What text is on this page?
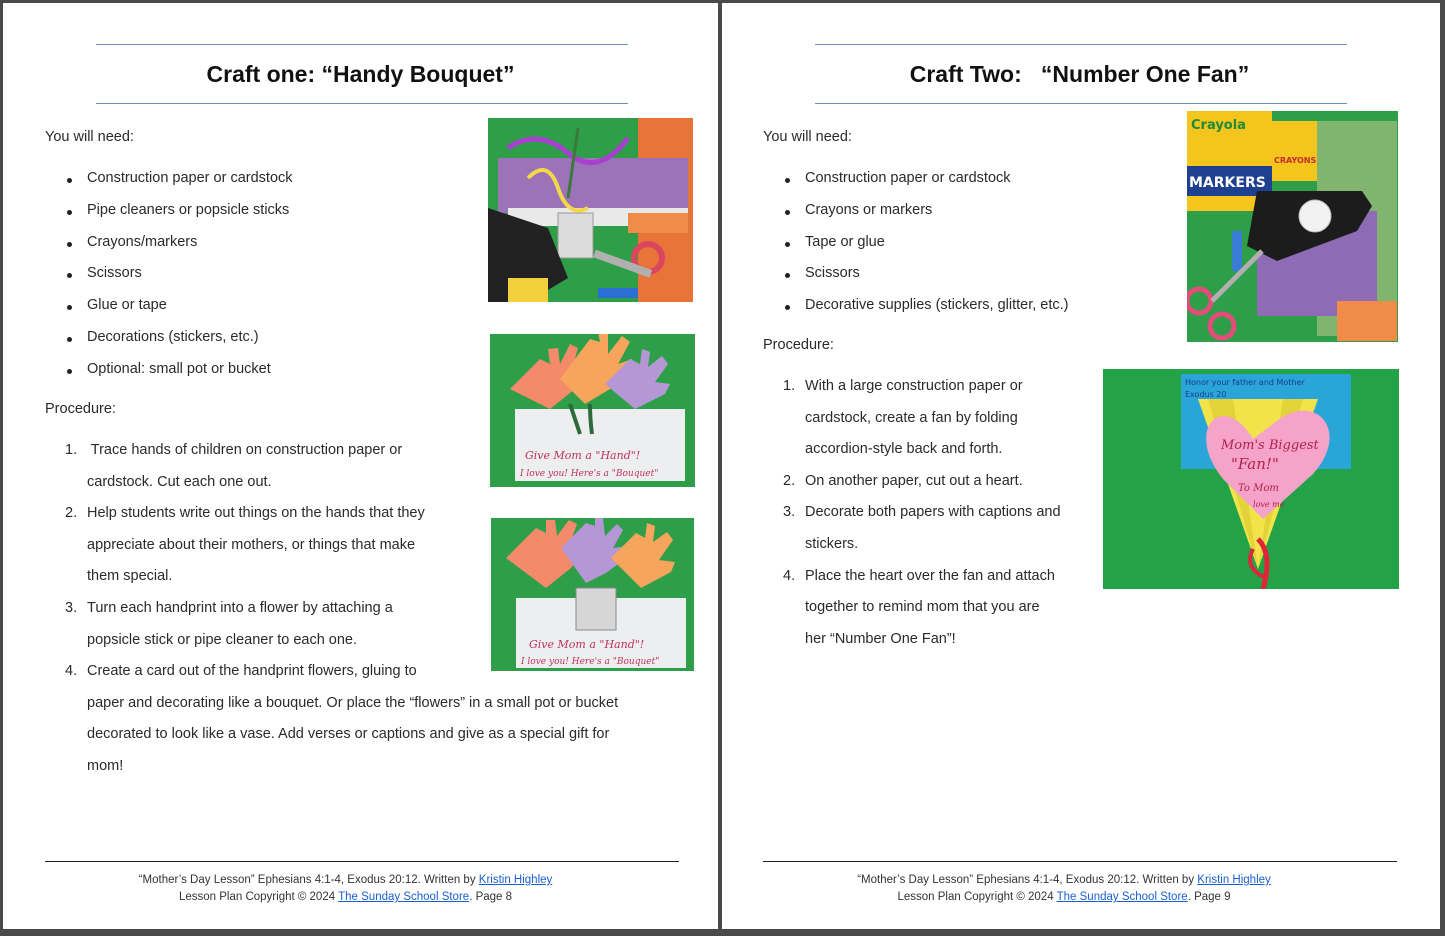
Craft one: “Handy Bouquet”
You will need:
Construction paper or cardstock
Pipe cleaners or popsicle sticks
Crayons/markers
Scissors
Glue or tape
Decorations (stickers, etc.)
Optional: small pot or bucket
Procedure:
1. Trace hands of children on construction paper or
cardstock. Cut each one out.
2. Help students write out things on the hands that they
appreciate about their mothers, or things that make
them special.
3. Turn each handprint into a flower by attaching a
popsicle stick or pipe cleaner to each one.
4. Create a card out of the handprint flowers, gluing to
paper and decorating like a bouquet. Or place the “flowers” in a small pot or bucket
decorated to look like a vase. Add verses or captions and give as a special gift for
mom!
Give Mom a "Hand"!
I love you! Here's a "Bouquet"
Give Mom a "Hand"!
I love you! Here's a "Bouquet"
“Mother’s Day Lesson” Ephesians 4:1-4, Exodus 20:12. Written by Kristin Highley
Lesson Plan Copyright © 2024 The Sunday School Store. Page 8
Craft Two:   “Number One Fan”
You will need:
Construction paper or cardstock
Crayons or markers
Tape or glue
Scissors
Decorative supplies (stickers, glitter, etc.)
Procedure:
1. With a large construction paper or
cardstock, create a fan by folding
accordion-style back and forth.
2. On another paper, cut out a heart.
3. Decorate both papers with captions and
stickers.
4. Place the heart over the fan and attach
together to remind mom that you are
her “Number One Fan”!
Crayola
MARKERS
CRAYONS
Honor your father and Mother
Exodus 20
Mom's Biggest
"Fan!"
To Mom
love me
“Mother’s Day Lesson” Ephesians 4:1-4, Exodus 20:12. Written by Kristin Highley
Lesson Plan Copyright © 2024 The Sunday School Store. Page 9
